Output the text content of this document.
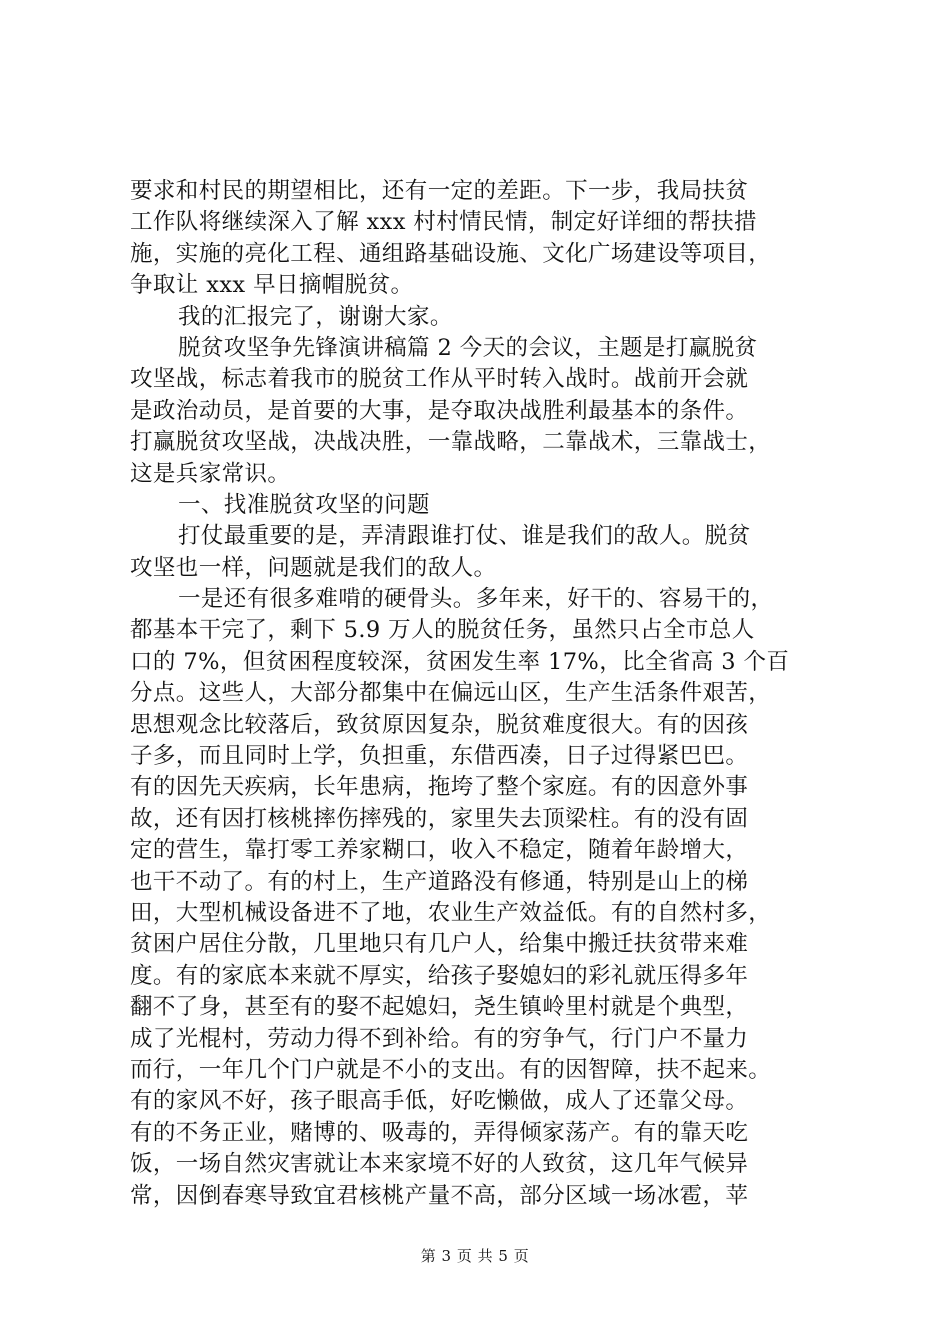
要求和村民的期望相比，还有一定的差距。下一步，我局扶贫
工作队将继续深入了解 xxx 村村情民情，制定好详细的帮扶措
施，实施的亮化工程、通组路基础设施、文化广场建设等项目，
争取让 xxx 早日摘帽脱贫。
我的汇报完了，谢谢大家。
脱贫攻坚争先锋演讲稿篇 2 今天的会议，主题是打赢脱贫
攻坚战，标志着我市的脱贫工作从平时转入战时。战前开会就
是政治动员，是首要的大事，是夺取决战胜利最基本的条件。
打赢脱贫攻坚战，决战决胜，一靠战略，二靠战术，三靠战士，
这是兵家常识。
一、找准脱贫攻坚的问题
打仗最重要的是，弄清跟谁打仗、谁是我们的敌人。脱贫
攻坚也一样，问题就是我们的敌人。
一是还有很多难啃的硬骨头。多年来，好干的、容易干的，
都基本干完了，剩下 5.9 万人的脱贫任务，虽然只占全市总人
口的 7%，但贫困程度较深，贫困发生率 17%，比全省高 3 个百
分点。这些人，大部分都集中在偏远山区，生产生活条件艰苦，
思想观念比较落后，致贫原因复杂，脱贫难度很大。有的因孩
子多，而且同时上学，负担重，东借西凑，日子过得紧巴巴。
有的因先天疾病，长年患病，拖垮了整个家庭。有的因意外事
故，还有因打核桃摔伤摔残的，家里失去顶梁柱。有的没有固
定的营生，靠打零工养家糊口，收入不稳定，随着年龄增大，
也干不动了。有的村上，生产道路没有修通，特别是山上的梯
田，大型机械设备进不了地，农业生产效益低。有的自然村多，
贫困户居住分散，几里地只有几户人，给集中搬迁扶贫带来难
度。有的家底本来就不厚实，给孩子娶媳妇的彩礼就压得多年
翻不了身，甚至有的娶不起媳妇，尧生镇岭里村就是个典型，
成了光棍村，劳动力得不到补给。有的穷争气，行门户不量力
而行，一年几个门户就是不小的支出。有的因智障，扶不起来。
有的家风不好，孩子眼高手低，好吃懒做，成人了还靠父母。
有的不务正业，赌博的、吸毒的，弄得倾家荡产。有的靠天吃
饭，一场自然灾害就让本来家境不好的人致贫，这几年气候异
常，因倒春寒导致宜君核桃产量不高，部分区域一场冰雹，苹
第 3 页 共 5 页
